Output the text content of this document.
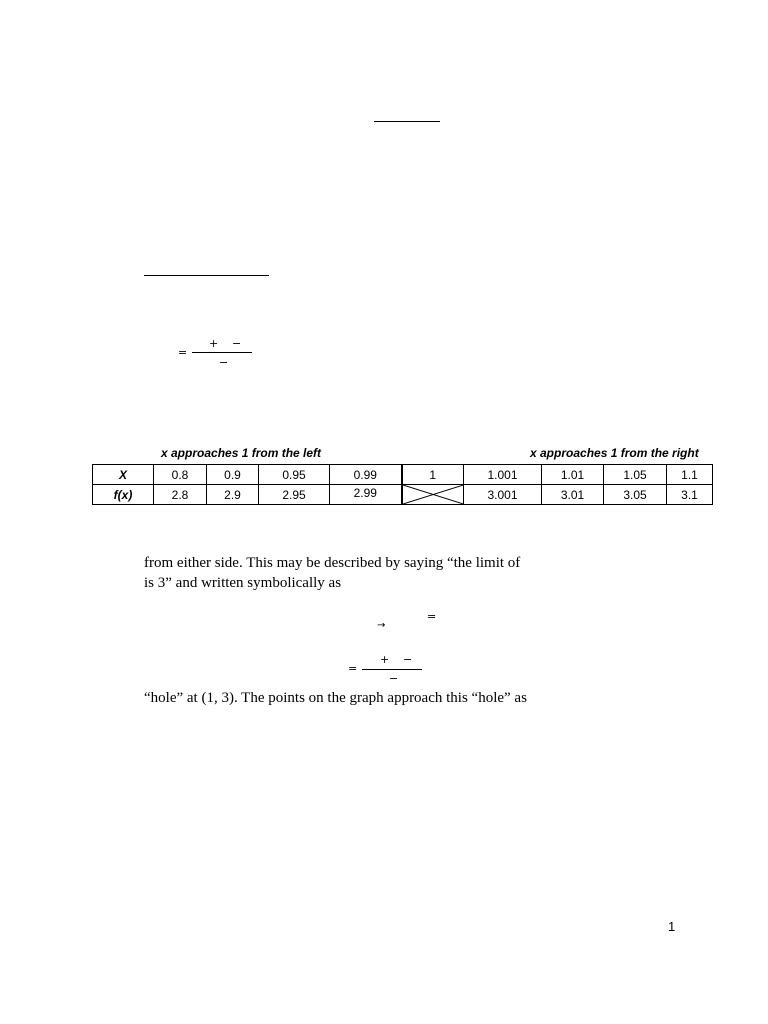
=
+ −
−
x approaches 1 from the left	x approaches 1 from the right
X	0.8	0.9	0.95	0.99	1	1.001	1.01	1.05	1.1
f(x)	2.8	2.9	2.95	2.99		3.001	3.01	3.05	3.1
from either side. This may be described by saying “the limit of
is 3” and written symbolically as
=
→
=
+ −
−
“hole” at (1, 3). The points on the graph approach this “hole” as
1
